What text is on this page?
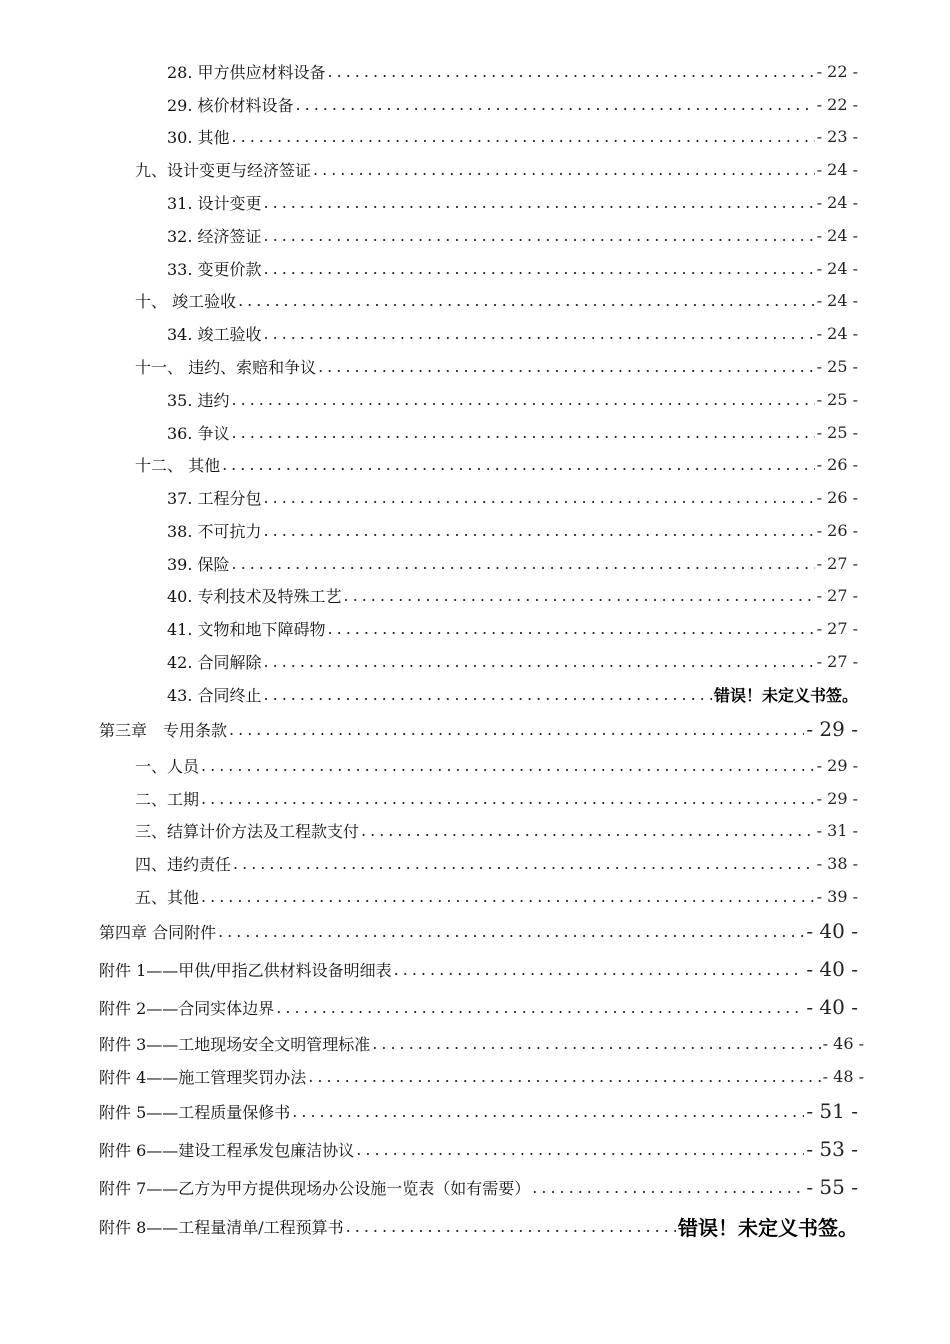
28. 甲方供应材料设备 .....	- 22 -
29. 核价材料设备 .....	- 22 -
30. 其他 .....	- 23 -
九、设计变更与经济签证 .....	- 24 -
31. 设计变更 .....	- 24 -
32. 经济签证 .....	- 24 -
33. 变更价款 .....	- 24 -
十、 竣工验收 .....	- 24 -
34. 竣工验收 .....	- 24 -
十一、 违约、索赔和争议 .....	- 25 -
35. 违约 .....	- 25 -
36. 争议 .....	- 25 -
十二、 其他 .....	- 26 -
37. 工程分包 .....	- 26 -
38. 不可抗力 .....	- 26 -
39. 保险 .....	- 27 -
40. 专利技术及特殊工艺 .....	- 27 -
41. 文物和地下障碍物 .....	- 27 -
42. 合同解除 .....	- 27 -
43. 合同终止 .....	错误！未定义书签。
第三章　专用条款 .....	- 29 -
一、人员 .....	- 29 -
二、工期 .....	- 29 -
三、结算计价方法及工程款支付 .....	- 31 -
四、违约责任 .....	- 38 -
五、其他 .....	- 39 -
第四章 合同附件 .....	- 40 -
附件 1——甲供/甲指乙供材料设备明细表 .....	- 40 -
附件 2——合同实体边界 .....	- 40 -
附件 3——工地现场安全文明管理标准 .....	- 46 -
附件 4——施工管理奖罚办法 .....	- 48 -
附件 5——工程质量保修书 .....	- 51 -
附件 6——建设工程承发包廉洁协议 .....	- 53 -
附件 7——乙方为甲方提供现场办公设施一览表（如有需要） .....	- 55 -
附件 8——工程量清单/工程预算书 .....	错误！未定义书签。
